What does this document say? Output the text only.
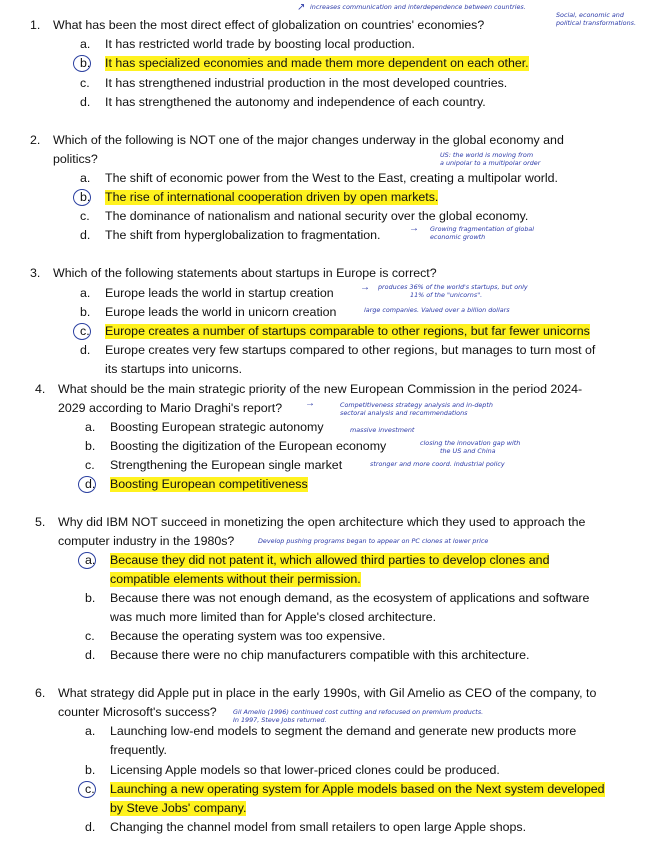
increases communication and interdependence between countries.
Social, economic and
political transformations.
↗
1. What has been the most direct effect of globalization on countries' economies?
a. It has restricted world trade by boosting local production.
b. It has specialized economies and made them more dependent on each other.
c. It has strengthened industrial production in the most developed countries.
d. It has strengthened the autonomy and independence of each country.
2. Which of the following is NOT one of the major changes underway in the global economy and
politics?	US: the world is moving from
a unipolar to a multipolar order
a. The shift of economic power from the West to the East, creating a multipolar world.
b. The rise of international cooperation driven by open markets.
c. The dominance of nationalism and national security over the global economy.
d. The shift from hyperglobalization to fragmentation.	→ Growing fragmentation of global
economic growth
3. Which of the following statements about startups in Europe is correct?
a. Europe leads the world in startup creation	→ produces 36% of the world's startups, but only
11% of the "unicorns".
b. Europe leads the world in unicorn creation	large companies. Valued over a billion dollars
c. Europe creates a number of startups comparable to other regions, but far fewer unicorns
d. Europe creates very few startups compared to other regions, but manages to turn most of
its startups into unicorns.
4. What should be the main strategic priority of the new European Commission in the period 2024-
2029 according to Mario Draghi's report? →	Competitiveness strategy analysis and in-depth
sectoral analysis and recommendations
a. Boosting European strategic autonomy	massive investment
b. Boosting the digitization of the European economy	closing the innovation gap with
the US and China
c. Strengthening the European single market	stronger and more coord. industrial policy
d. Boosting European competitiveness
5. Why did IBM NOT succeed in monetizing the open architecture which they used to approach the
computer industry in the 1980s?	Develop pushing programs began to appear on PC clones at lower price
a. Because they did not patent it, which allowed third parties to develop clones and
compatible elements without their permission.
b. Because there was not enough demand, as the ecosystem of applications and software
was much more limited than for Apple's closed architecture.
c. Because the operating system was too expensive.
d. Because there were no chip manufacturers compatible with this architecture.
6. What strategy did Apple put in place in the early 1990s, with Gil Amelio as CEO of the company, to
counter Microsoft's success?	Gil Amelio (1996) continued cost cutting and refocused on premium products.
In 1997, Steve Jobs returned.
a. Launching low-end models to segment the demand and generate new products more
frequently.
b. Licensing Apple models so that lower-priced clones could be produced.
c. Launching a new operating system for Apple models based on the Next system developed
by Steve Jobs' company.
d. Changing the channel model from small retailers to open large Apple shops.
